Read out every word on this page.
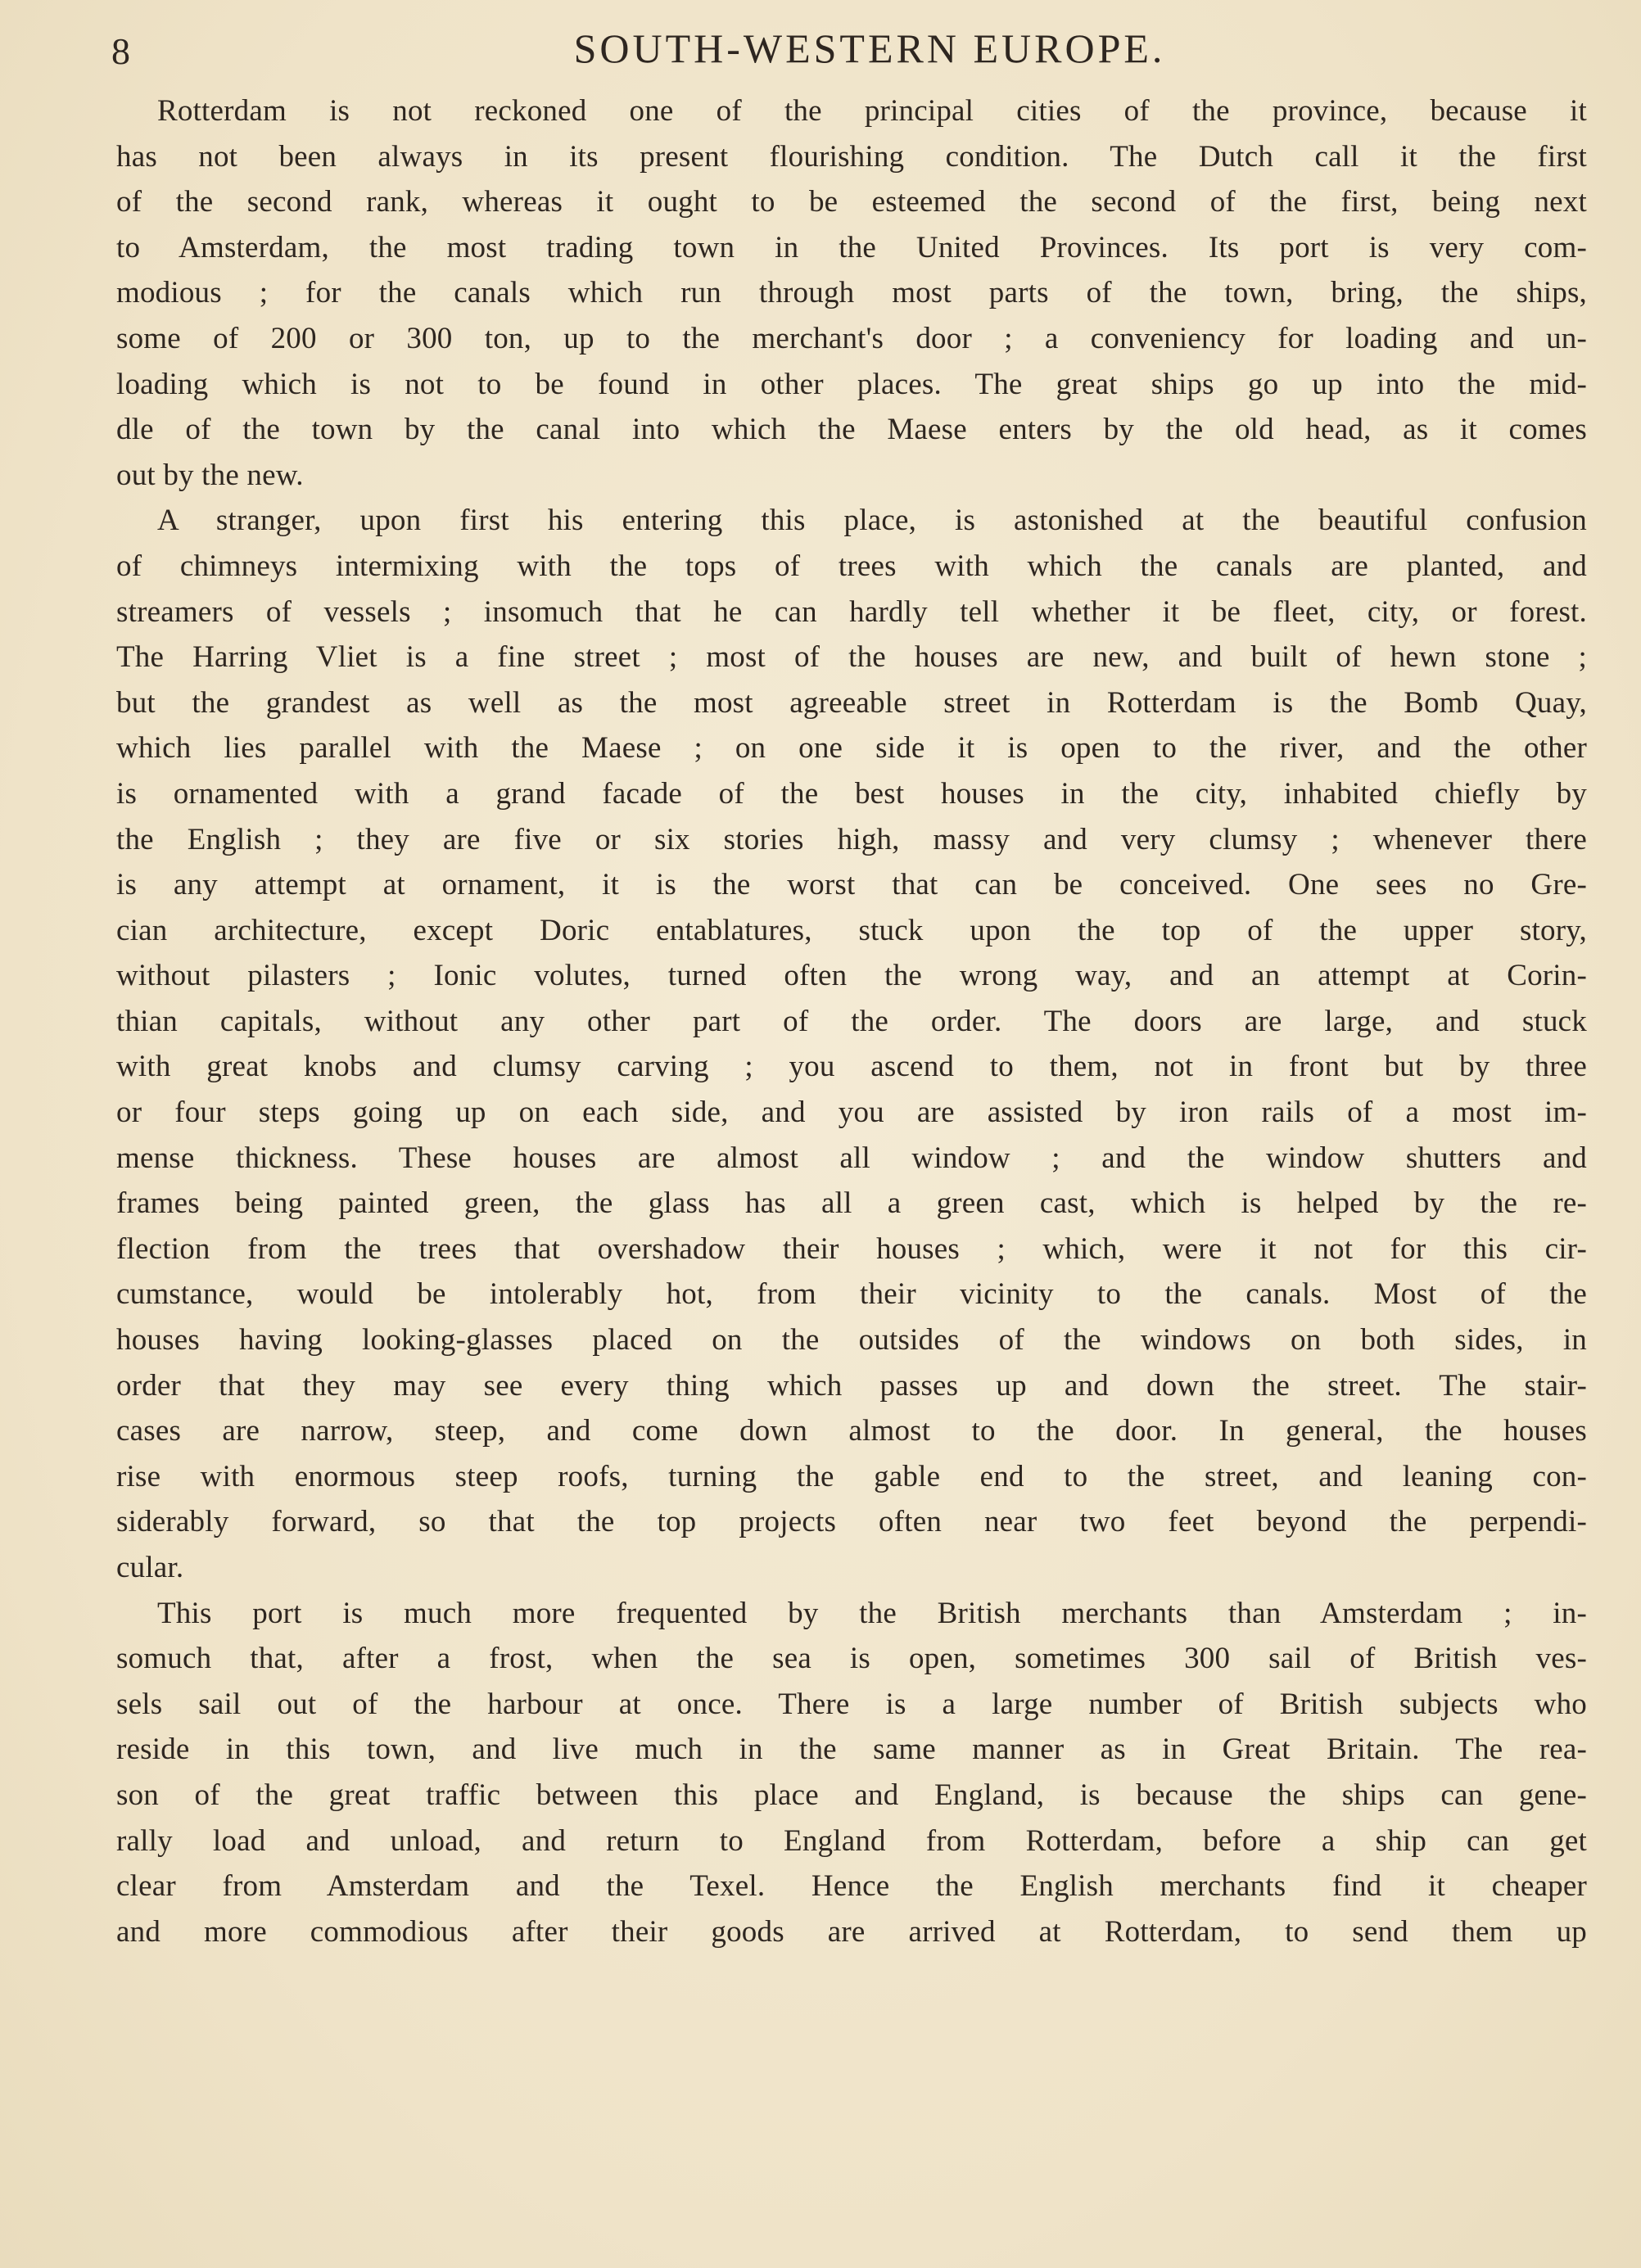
8	SOUTH-WESTERN EUROPE.
Rotterdam is not reckoned one of the principal cities of the province, because it
has not been always in its present flourishing condition. The Dutch call it the first
of the second rank, whereas it ought to be esteemed the second of the first, being next
to Amsterdam, the most trading town in the United Provinces. Its port is very com-
modious ; for the canals which run through most parts of the town, bring, the ships,
some of 200 or 300 ton, up to the merchant's door ; a conveniency for loading and un-
loading which is not to be found in other places. The great ships go up into the mid-
dle of the town by the canal into which the Maese enters by the old head, as it comes
out by the new.
A stranger, upon first his entering this place, is astonished at the beautiful confusion
of chimneys intermixing with the tops of trees with which the canals are planted, and
streamers of vessels ; insomuch that he can hardly tell whether it be fleet, city, or forest.
The Harring Vliet is a fine street ; most of the houses are new, and built of hewn stone ;
but the grandest as well as the most agreeable street in Rotterdam is the Bomb Quay,
which lies parallel with the Maese ; on one side it is open to the river, and the other
is ornamented with a grand facade of the best houses in the city, inhabited chiefly by
the English ; they are five or six stories high, massy and very clumsy ; whenever there
is any attempt at ornament, it is the worst that can be conceived. One sees no Gre-
cian architecture, except Doric entablatures, stuck upon the top of the upper story,
without pilasters ; Ionic volutes, turned often the wrong way, and an attempt at Corin-
thian capitals, without any other part of the order. The doors are large, and stuck
with great knobs and clumsy carving ; you ascend to them, not in front but by three
or four steps going up on each side, and you are assisted by iron rails of a most im-
mense thickness. These houses are almost all window ; and the window shutters and
frames being painted green, the glass has all a green cast, which is helped by the re-
flection from the trees that overshadow their houses ; which, were it not for this cir-
cumstance, would be intolerably hot, from their vicinity to the canals. Most of the
houses having looking-glasses placed on the outsides of the windows on both sides, in
order that they may see every thing which passes up and down the street. The stair-
cases are narrow, steep, and come down almost to the door. In general, the houses
rise with enormous steep roofs, turning the gable end to the street, and leaning con-
siderably forward, so that the top projects often near two feet beyond the perpendi-
cular.
This port is much more frequented by the British merchants than Amsterdam ; in-
somuch that, after a frost, when the sea is open, sometimes 300 sail of British ves-
sels sail out of the harbour at once. There is a large number of British subjects who
reside in this town, and live much in the same manner as in Great Britain. The rea-
son of the great traffic between this place and England, is because the ships can gene-
rally load and unload, and return to England from Rotterdam, before a ship can get
clear from Amsterdam and the Texel. Hence the English merchants find it cheaper
and more commodious after their goods are arrived at Rotterdam, to send them up
